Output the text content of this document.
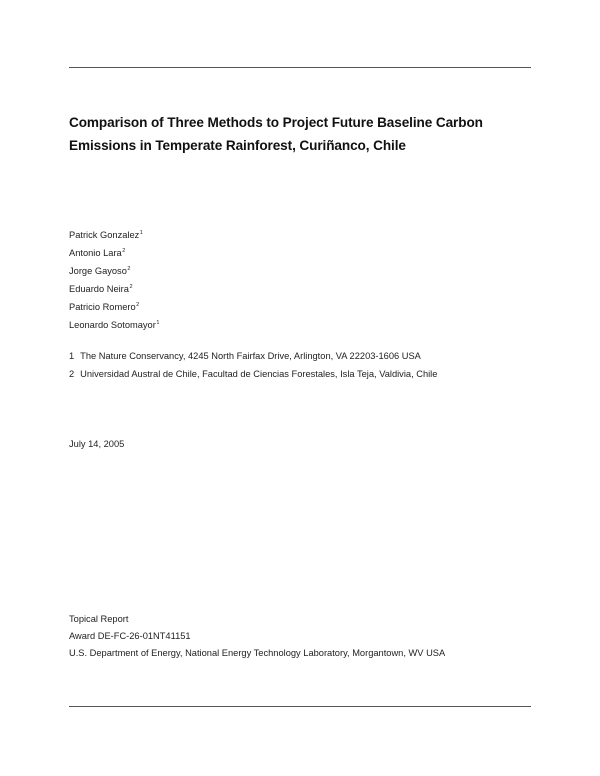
Comparison of Three Methods to Project Future Baseline Carbon
Emissions in Temperate Rainforest, Curiñanco, Chile
Patrick Gonzalez$^1$
Antonio Lara$^2$
Jorge Gayoso$^2$
Eduardo Neira$^2$
Patricio Romero$^2$
Leonardo Sotomayor$^1$
1 The Nature Conservancy, 4245 North Fairfax Drive, Arlington, VA 22203-1606 USA
2 Universidad Austral de Chile, Facultad de Ciencias Forestales, Isla Teja, Valdivia, Chile
July 14, 2005
Topical Report
Award DE-FC-26-01NT41151
U.S. Department of Energy, National Energy Technology Laboratory, Morgantown, WV USA
